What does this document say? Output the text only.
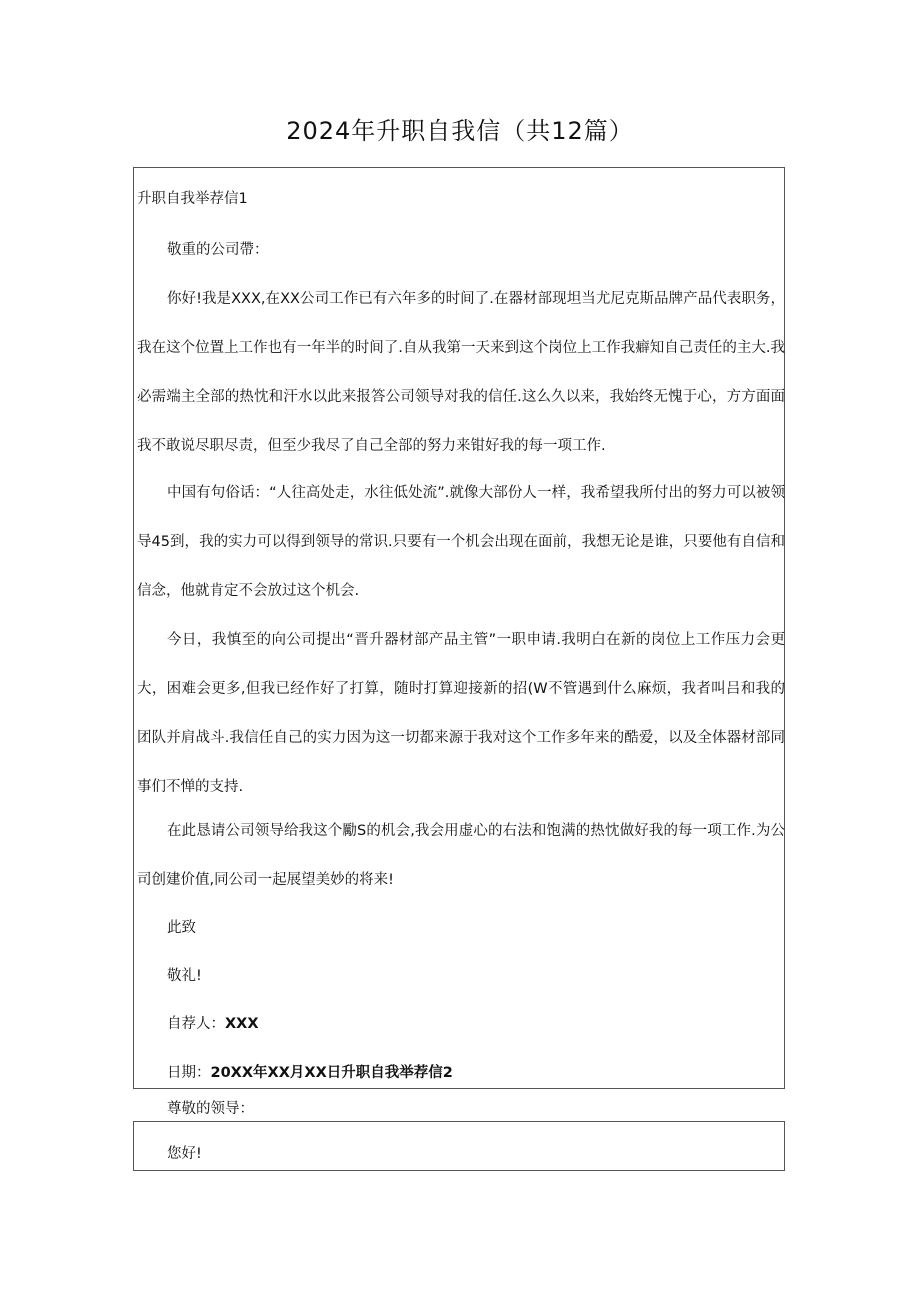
2024年升职自我信（共12篇）

升职自我举荐信1

敬重的公司帶：

你好!我是XXX,在XX公司工作已有六年多的时间了.在器材部现坦当尤尼克斯品牌产品代表职务，我在这个位置上工作也有一年半的时间了.自从我第一天来到这个岗位上工作我癖知自己责任的主大.我必需端主全部的热忱和汗水以此来报答公司领导对我的信任.这么久以来，我始终无愧于心，方方面面我不敢说尽职尽责，但至少我尽了自己全部的努力来钳好我的每一项工作.

中国有句俗话：“人往高处走，水往低处流”.就像大部份人一样，我希望我所付出的努力可以被领导45到，我的实力可以得到领导的常识.只要有一个机会出现在面前，我想无论是谁，只要他有自信和信念，他就肯定不会放过这个机会.

今日，我慎至的向公司提出“晋升器材部产品主管”一职申请.我明白在新的岗位上工作压力会更大，困难会更多,但我已经作好了打算，随时打算迎接新的招(W不管遇到什么麻烦，我者叫吕和我的团队并肩战斗.我信任自己的实力因为这一切都来源于我对这个工作多年来的酷爱，以及全体器材部同事们不惮的支持.

在此恳请公司领导给我这个勵S的机会,我会用虚心的右法和饱满的热忱做好我的每一项工作.为公司创建价值,同公司一起展望美妙的将来!

此致

敬礼!

自荐人：XXX

日期：20XX年XX月XX日升职自我举荐信2

尊敬的领导：

您好!
